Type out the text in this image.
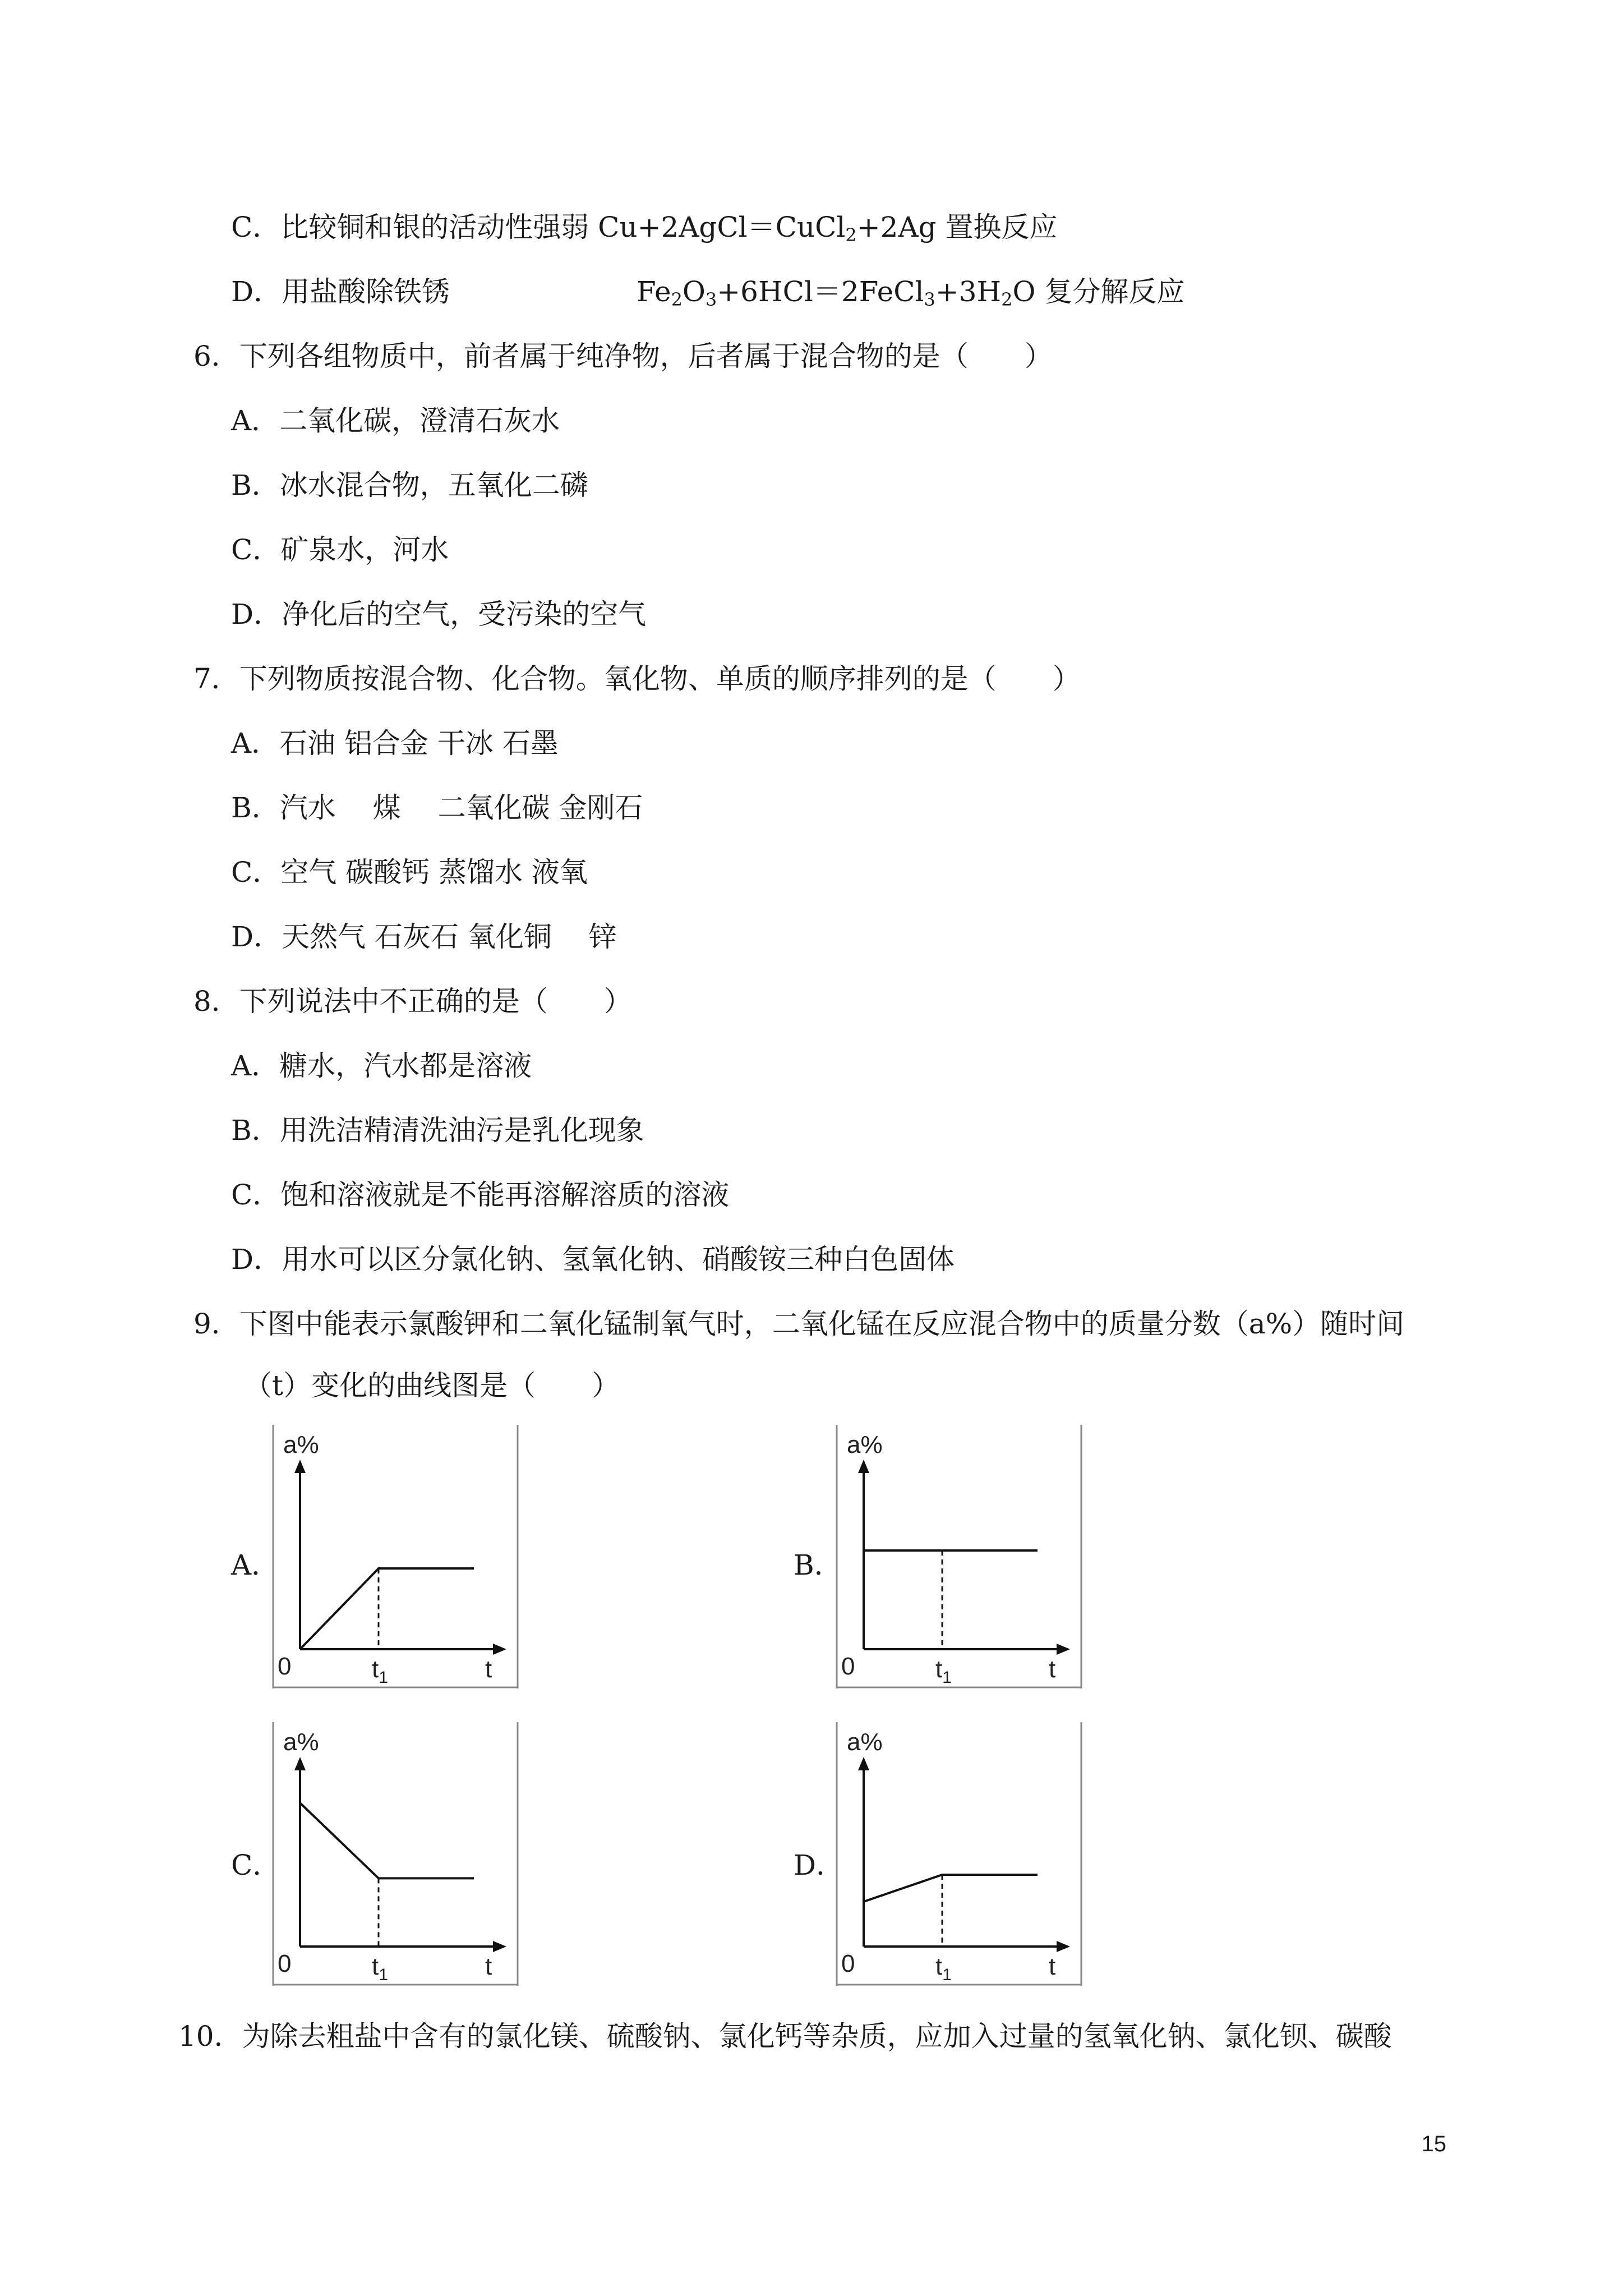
C．比较铜和银的活动性强弱 Cu+2AgCl＝CuCl$_2$+2Ag 置换反应
D．用盐酸除铁锈	$Fe_2O_3+6HCl=2FeCl_3+3H_2O$ 复分解反应
6．下列各组物质中，前者属于纯净物，后者属于混合物的是（　　）
A．二氧化碳，澄清石灰水
B．冰水混合物，五氧化二磷
C．矿泉水，河水
D．净化后的空气，受污染的空气
7．下列物质按混合物、化合物。氧化物、单质的顺序排列的是（　　）
A．石油 铝合金 干冰 石墨
B．汽水　 煤　 二氧化碳 金刚石
C．空气 碳酸钙 蒸馏水 液氧
D．天然气 石灰石 氧化铜　 锌
8．下列说法中不正确的是（　　）
A．糖水，汽水都是溶液
B．用洗洁精清洗油污是乳化现象
C．饱和溶液就是不能再溶解溶质的溶液
D．用水可以区分氯化钠、氢氧化钠、硝酸铵三种白色固体
9．下图中能表示氯酸钾和二氧化锰制氧气时，二氧化锰在反应混合物中的质量分数（a%）随时间
（t）变化的曲线图是（　　）
A．	B．
C．	D．
a%
0	t
$t_1$
a%
0	t
$t_1$
a%
0	t
$t_1$
a%
0	t
$t_1$
10．为除去粗盐中含有的氯化镁、硫酸钠、氯化钙等杂质，应加入过量的氢氧化钠、氯化钡、碳酸
15
